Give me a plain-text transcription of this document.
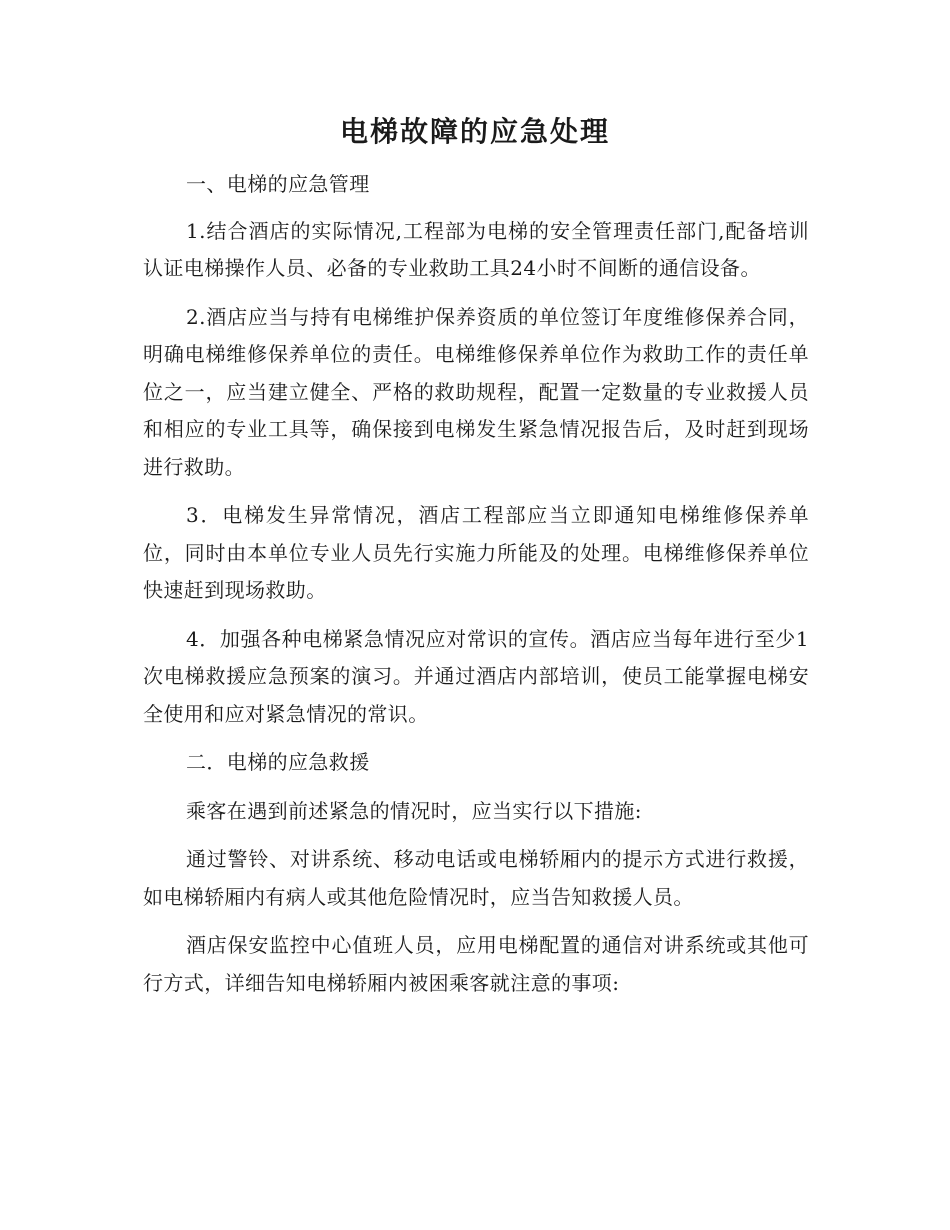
电梯故障的应急处理

一、电梯的应急管理

1.结合酒店的实际情况,工程部为电梯的安全管理责任部门,配备培训认证电梯操作人员、必备的专业救助工具24小时不间断的通信设备。

2.酒店应当与持有电梯维护保养资质的单位签订年度维修保养合同，明确电梯维修保养单位的责任。电梯维修保养单位作为救助工作的责任单位之一，应当建立健全、严格的救助规程，配置一定数量的专业救援人员和相应的专业工具等，确保接到电梯发生紧急情况报告后，及时赶到现场进行救助。

3．电梯发生异常情况，酒店工程部应当立即通知电梯维修保养单位，同时由本单位专业人员先行实施力所能及的处理。电梯维修保养单位快速赶到现场救助。

4．加强各种电梯紧急情况应对常识的宣传。酒店应当每年进行至少1次电梯救援应急预案的演习。并通过酒店内部培训，使员工能掌握电梯安全使用和应对紧急情况的常识。

二．电梯的应急救援

乘客在遇到前述紧急的情况时，应当实行以下措施:

通过警铃、对讲系统、移动电话或电梯轿厢内的提示方式进行救援，如电梯轿厢内有病人或其他危险情况时，应当告知救援人员。

酒店保安监控中心值班人员，应用电梯配置的通信对讲系统或其他可行方式，详细告知电梯轿厢内被困乘客就注意的事项:
